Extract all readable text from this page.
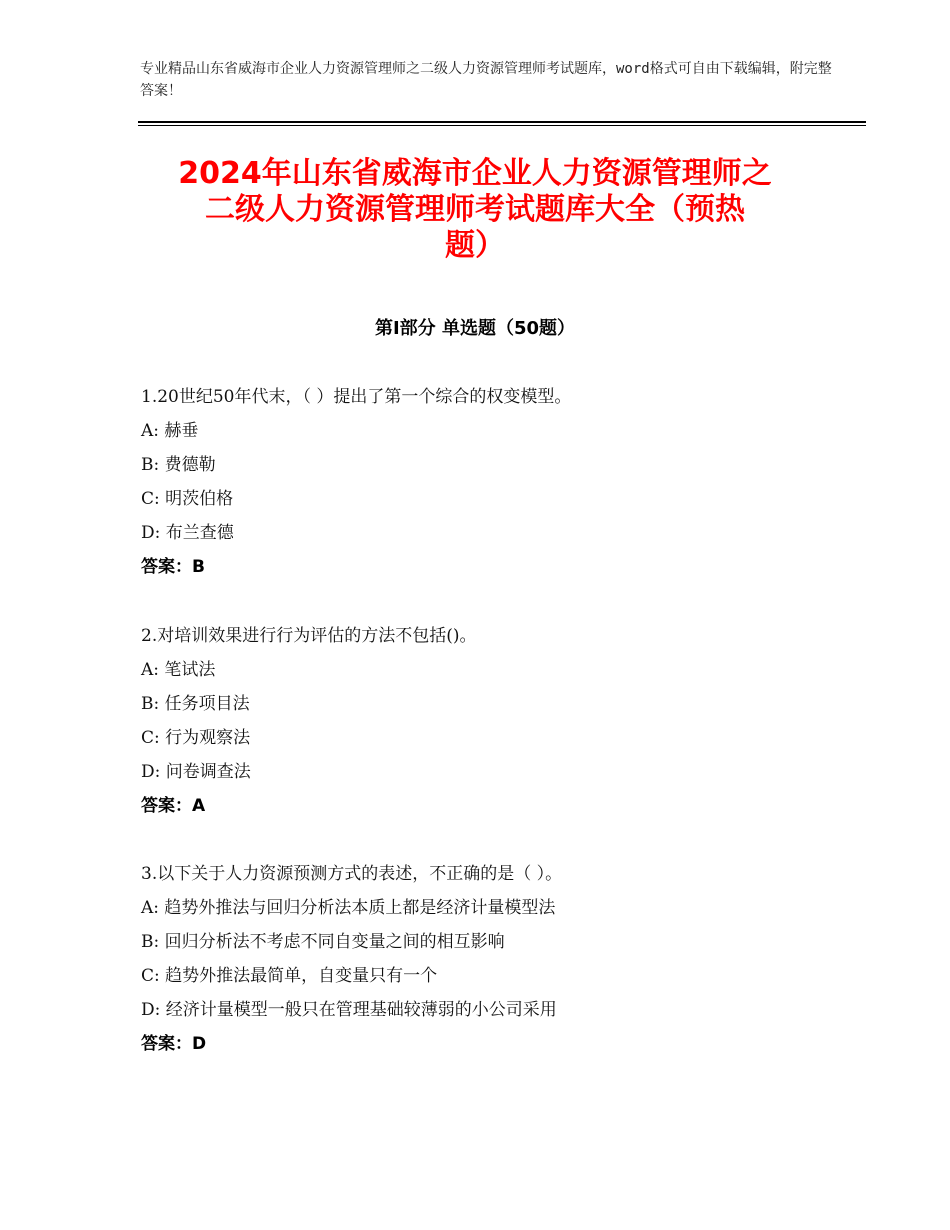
专业精品山东省威海市企业人力资源管理师之二级人力资源管理师考试题库，word格式可自由下载编辑，附完整答案！
2024年山东省威海市企业人力资源管理师之
二级人力资源管理师考试题库大全（预热
题）
第Ⅰ部分 单选题（50题）
1.20世纪50年代末，（ ）提出了第一个综合的权变模型。
A: 赫垂
B: 费德勒
C: 明茨伯格
D: 布兰查德
答案：B
2.对培训效果进行行为评估的方法不包括()。
A: 笔试法
B: 任务项目法
C: 行为观察法
D: 问卷调查法
答案：A
3.以下关于人力资源预测方式的表述，不正确的是（ ）。
A: 趋势外推法与回归分析法本质上都是经济计量模型法
B: 回归分析法不考虑不同自变量之间的相互影响
C: 趋势外推法最简单，自变量只有一个
D: 经济计量模型一般只在管理基础较薄弱的小公司采用
答案：D
